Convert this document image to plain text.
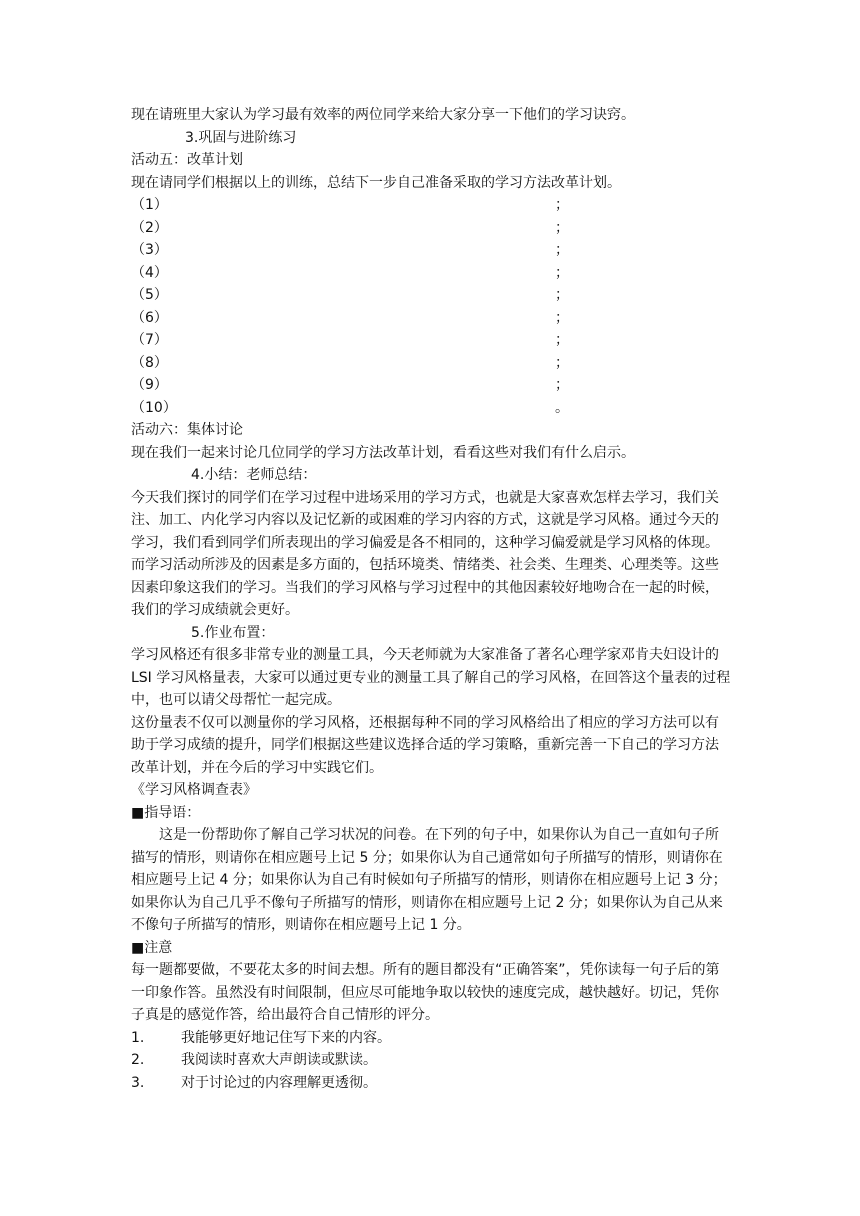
现在请班里大家认为学习最有效率的两位同学来给大家分享一下他们的学习诀窍。

3.巩固与进阶练习

活动五：改革计划

现在请同学们根据以上的训练，总结下一步自己准备采取的学习方法改革计划。

（1）	；
（2）	；
（3）	；
（4）	；
（5）	；
（6）	；
（7）	；
（8）	；
（9）	；
（10）	。

活动六：集体讨论

现在我们一起来讨论几位同学的学习方法改革计划，看看这些对我们有什么启示。

4.小结：老师总结：

今天我们探讨的同学们在学习过程中进场采用的学习方式，也就是大家喜欢怎样去学习，我们关注、加工、内化学习内容以及记忆新的或困难的学习内容的方式，这就是学习风格。通过今天的学习，我们看到同学们所表现出的学习偏爱是各不相同的，这种学习偏爱就是学习风格的体现。而学习活动所涉及的因素是多方面的，包括环境类、情绪类、社会类、生理类、心理类等。这些因素印象这我们的学习。当我们的学习风格与学习过程中的其他因素较好地吻合在一起的时候，我们的学习成绩就会更好。

5.作业布置：

学习风格还有很多非常专业的测量工具，今天老师就为大家准备了著名心理学家邓肯夫妇设计的 LSI 学习风格量表，大家可以通过更专业的测量工具了解自己的学习风格，在回答这个量表的过程中，也可以请父母帮忙一起完成。

这份量表不仅可以测量你的学习风格，还根据每种不同的学习风格给出了相应的学习方法可以有助于学习成绩的提升，同学们根据这些建议选择合适的学习策略，重新完善一下自己的学习方法改革计划，并在今后的学习中实践它们。

《学习风格调查表》

■指导语：

这是一份帮助你了解自己学习状况的问卷。在下列的句子中，如果你认为自己一直如句子所描写的情形，则请你在相应题号上记 5 分；如果你认为自己通常如句子所描写的情形，则请你在相应题号上记 4 分；如果你认为自己有时候如句子所描写的情形，则请你在相应题号上记 3 分；如果你认为自己几乎不像句子所描写的情形，则请你在相应题号上记 2 分；如果你认为自己从来不像句子所描写的情形，则请你在相应题号上记 1 分。

■注意

每一题都要做，不要花太多的时间去想。所有的题目都没有“正确答案”，凭你读每一句子后的第一印象作答。虽然没有时间限制，但应尽可能地争取以较快的速度完成，越快越好。切记，凭你子真是的感觉作答，给出最符合自己情形的评分。

1.	我能够更好地记住写下来的内容。
2.	我阅读时喜欢大声朗读或默读。
3.	对于讨论过的内容理解更透彻。
